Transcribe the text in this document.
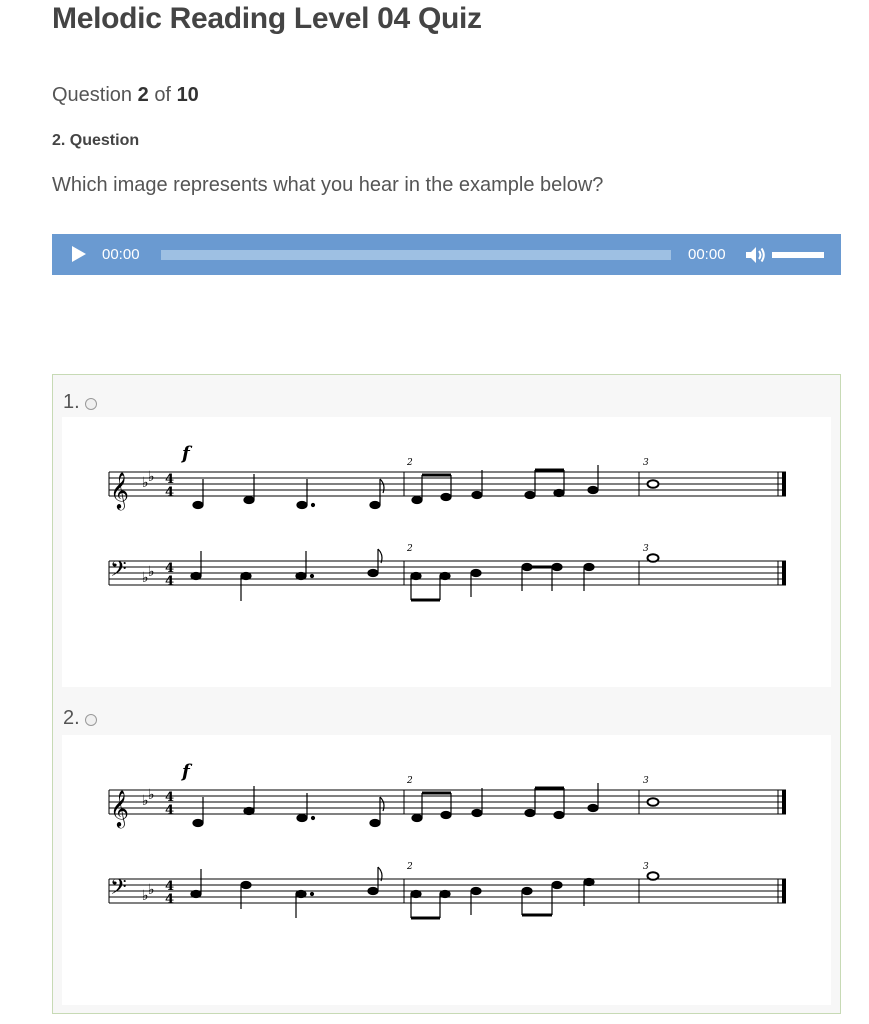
Melodic Reading Level 04 Quiz
Question 2 of 10
2. Question
Which image represents what you hear in the example below?
00:00	00:00
1.
𝄞 ♭ ♭ 4
4
𝄢 ♭ ♭ 4
4
f	2	3
2	3
2.
𝄞 ♭ ♭ 4
4
𝄢 ♭ ♭ 4
4
f	2	3
2	3
